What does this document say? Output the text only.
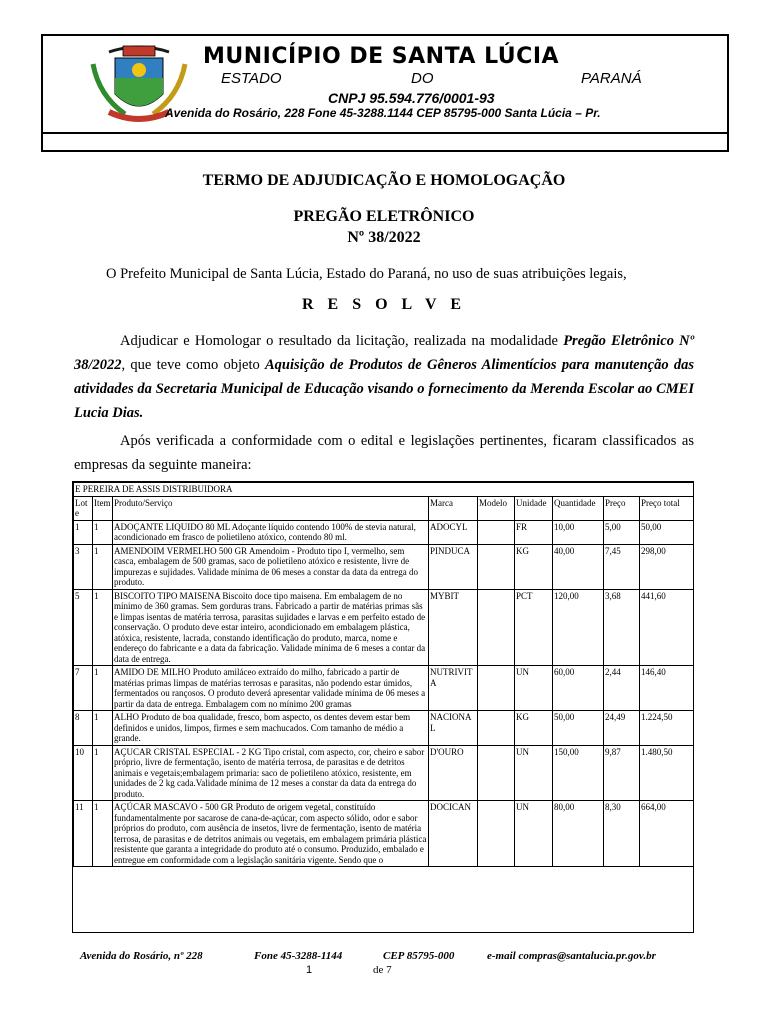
MUNICÍPIO DE SANTA LÚCIA
ESTADO	DO	PARANÁ
CNPJ 95.594.776/0001-93
Avenida do Rosário, 228 Fone 45-3288.1144 CEP 85795-000 Santa Lúcia – Pr.
TERMO DE ADJUDICAÇÃO E HOMOLOGAÇÃO
PREGÃO ELETRÔNICO
Nº 38/2022
O Prefeito Municipal de Santa Lúcia, Estado do Paraná, no uso de suas atribuições legais,
R E S O L V E
Adjudicar e Homologar o resultado da licitação, realizada na modalidade Pregão Eletrônico Nº 38/2022, que teve como objeto Aquisição de Produtos de Gêneros Alimentícios para manutenção das atividades da Secretaria Municipal de Educação visando o fornecimento da Merenda Escolar ao CMEI Lucia Dias.
Após verificada a conformidade com o edital e legislações pertinentes, ficaram classificados as empresas da seguinte maneira:
E PEREIRA DE ASSIS DISTRIBUIDORA								
Lote	Item	Produto/Serviço	Marca	Modelo	Unidade	Quantidade	Preço	Preço total
1	1	ADOÇANTE LIQUIDO 80 ML Adoçante líquido contendo 100% de stevia natural, acondicionado em frasco de polietileno atóxico, contendo 80 ml.	ADOCYL		FR	10,00	5,00	50,00
3	1	AMENDOIM VERMELHO 500 GR Amendoim - Produto tipo I, vermelho, sem casca, embalagem de 500 gramas, saco de polietileno atóxico e resistente, livre de impurezas e sujidades. Validade mínima de 06 meses a constar da data da entrega do produto.	PINDUCA		KG	40,00	7,45	298,00
5	1	BISCOITO TIPO MAISENA Biscoito doce tipo maisena. Em embalagem de no mínimo de 360 gramas. Sem gorduras trans. Fabricado a partir de matérias primas sãs e limpas isentas de matéria terrosa, parasitas sujidades e larvas e em perfeito estado de conservação. O produto deve estar inteiro, acondicionado em embalagem plástica, atóxica, resistente, lacrada, constando identificação do produto, marca, nome e endereço do fabricante e a data da fabricação. Validade mínima de 6 meses a contar da data de entrega.	MYBIT		PCT	120,00	3,68	441,60
7	1	AMIDO DE MILHO Produto amiláceo extraído do milho, fabricado a partir de matérias primas limpas de matérias terrosas e parasitas, não podendo estar úmidos, fermentados ou rançosos. O produto deverá apresentar validade mínima de 06 meses a partir da data de entrega. Embalagem com no mínimo 200 gramas	NUTRIVITA		UN	60,00	2,44	146,40
8	1	ALHO Produto de boa qualidade, fresco, bom aspecto, os dentes devem estar bem definidos e unidos, limpos, firmes e sem machucados. Com tamanho de médio a grande.	NACIONAL		KG	50,00	24,49	1.224,50
10	1	AÇUCAR CRISTAL ESPECIAL - 2 KG Tipo cristal, com aspecto, cor, cheiro e sabor próprio, livre de fermentação, isento de matéria terrosa, de parasitas e de detritos animais e vegetais;embalagem primaria: saco de polietileno atóxico, resistente, em unidades de 2 kg cada.Validade mínima de 12 meses a constar da data da entrega do produto.	D'OURO		UN	150,00	9,87	1.480,50
11	1	AÇÚCAR MASCAVO - 500 GR Produto de origem vegetal, constituído fundamentalmente por sacarose de cana-de-açúcar, com aspecto sólido, odor e sabor próprios do produto, com ausência de insetos, livre de fermentação, isento de matéria terrosa, de parasitas e de detritos animais ou vegetais, em embalagem primária plástica resistente que garanta a integridade do produto até o consumo. Produzido, embalado e entregue em conformidade com a legislação sanitária vigente. Sendo que o	DOCICAN		UN	80,00	8,30	664,00
Avenida do Rosário, nº 228	Fone 45-3288-1144	CEP 85795-000	e-mail compras@santalucia.pr.gov.br
1	de 7
